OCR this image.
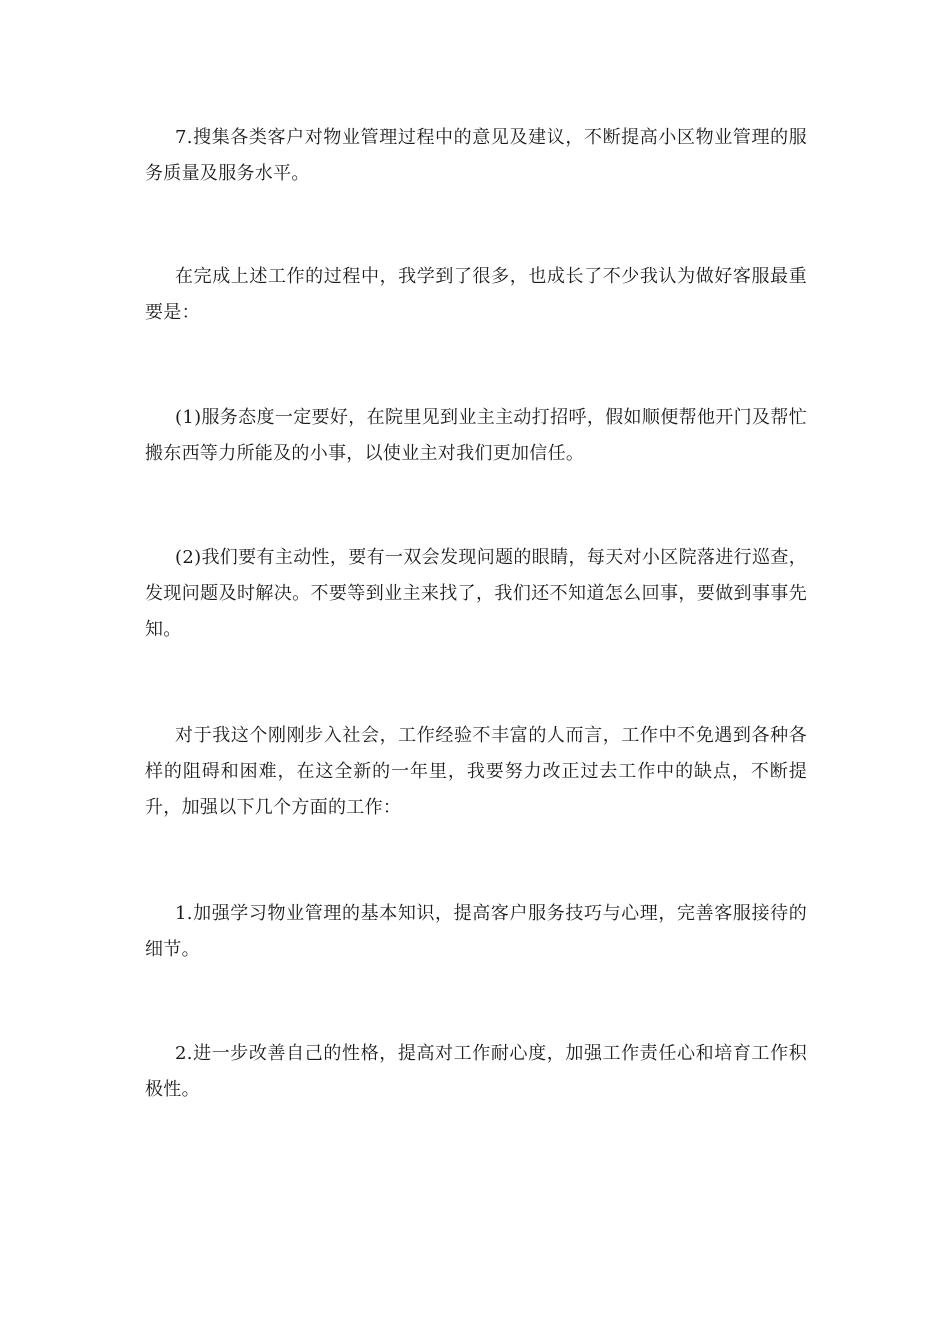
7.搜集各类客户对物业管理过程中的意见及建议，不断提高小区物业管理的服务质量及服务水平。

在完成上述工作的过程中，我学到了很多，也成长了不少我认为做好客服最重要是：

(1)服务态度一定要好，在院里见到业主主动打招呼，假如顺便帮他开门及帮忙搬东西等力所能及的小事，以使业主对我们更加信任。

(2)我们要有主动性，要有一双会发现问题的眼睛，每天对小区院落进行巡查，发现问题及时解决。不要等到业主来找了，我们还不知道怎么回事，要做到事事先知。

对于我这个刚刚步入社会，工作经验不丰富的人而言，工作中不免遇到各种各样的阻碍和困难，在这全新的一年里，我要努力改正过去工作中的缺点，不断提升，加强以下几个方面的工作：

1.加强学习物业管理的基本知识，提高客户服务技巧与心理，完善客服接待的细节。

2.进一步改善自己的性格，提高对工作耐心度，加强工作责任心和培育工作积极性。
